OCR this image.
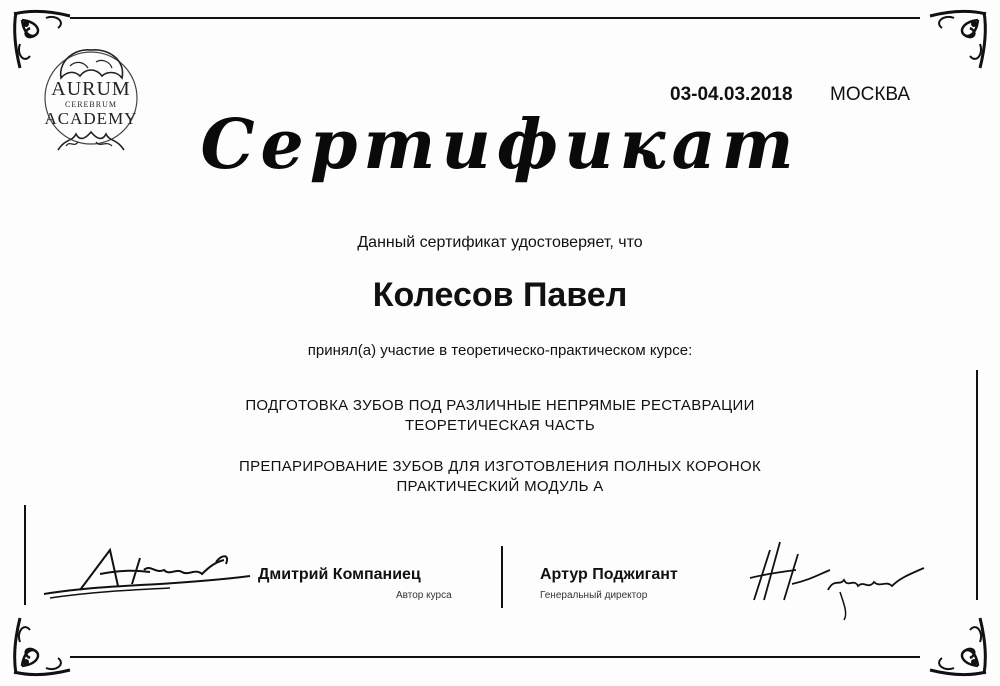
AURUM
CEREBRUM
ACADEMY
03-04.03.2018 МОСКВА
Сертификат
Данный сертификат удостоверяет, что
Колесов Павел
принял(а) участие в теоретическо-практическом курсе:
ПОДГОТОВКА ЗУБОВ ПОД РАЗЛИЧНЫЕ НЕПРЯМЫЕ РЕСТАВРАЦИИ
ТЕОРЕТИЧЕСКАЯ ЧАСТЬ
ПРЕПАРИРОВАНИЕ ЗУБОВ ДЛЯ ИЗГОТОВЛЕНИЯ ПОЛНЫХ КОРОНОК
ПРАКТИЧЕСКИЙ МОДУЛЬ А
Дмитрий Компаниец
Автор курса
Артур Поджигант
Генеральный директор
